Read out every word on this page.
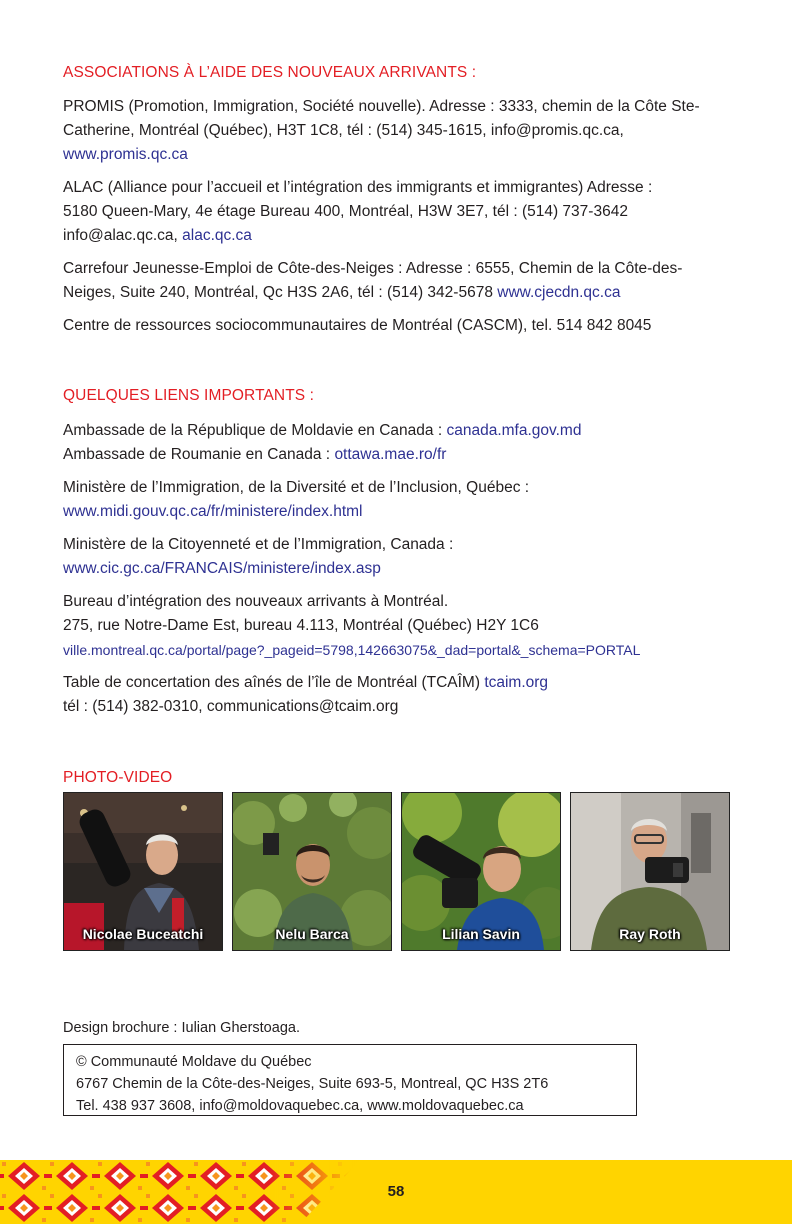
ASSOCIATIONS À L’AIDE DES NOUVEAUX ARRIVANTS :
PROMIS (Promotion, Immigration, Société nouvelle). Adresse : 3333, chemin de la Côte Ste-Catherine, Montréal (Québec), H3T 1C8, tél : (514) 345-1615, info@promis.qc.ca,
www.promis.qc.ca
ALAC (Alliance pour l’accueil et l’intégration des immigrants et immigrantes) Adresse :
5180 Queen-Mary, 4e étage Bureau 400, Montréal, H3W 3E7, tél : (514) 737-3642
info@alac.qc.ca, alac.qc.ca
Carrefour Jeunesse-Emploi de Côte-des-Neiges : Adresse : 6555, Chemin de la Côte-des-Neiges, Suite 240, Montréal, Qc H3S 2A6, tél : (514) 342-5678 www.cjecdn.qc.ca
Centre de ressources sociocommunautaires de Montréal (CASCM), tel. 514 842 8045
QUELQUES LIENS IMPORTANTS :
Ambassade de la République de Moldavie en Canada : canada.mfa.gov.md
Ambassade de Roumanie en Canada : ottawa.mae.ro/fr
Ministère de l’Immigration, de la Diversité et de l’Inclusion, Québec :
www.midi.gouv.qc.ca/fr/ministere/index.html
Ministère de la Citoyenneté et de l’Immigration, Canada :
www.cic.gc.ca/FRANCAIS/ministere/index.asp
Bureau d’intégration des nouveaux arrivants à Montréal.
275, rue Notre-Dame Est, bureau 4.113, Montréal (Québec) H2Y 1C6
ville.montreal.qc.ca/portal/page?_pageid=5798,142663075&_dad=portal&_schema=PORTAL
Table de concertation des aînés de l’île de Montréal (TCAÎM) tcaim.org
tél : (514) 382-0310, communications@tcaim.org
PHOTO-VIDEO
Nicolae Buceatchi	Nelu Barca	Lilian Savin	Ray Roth
Design brochure : Iulian Gherstoaga.
© Communauté Moldave du Québec
6767 Chemin de la Côte-des-Neiges, Suite 693-5, Montreal, QC H3S 2T6
Tel. 438 937 3608, info@moldovaquebec.ca, www.moldovaquebec.ca
58
